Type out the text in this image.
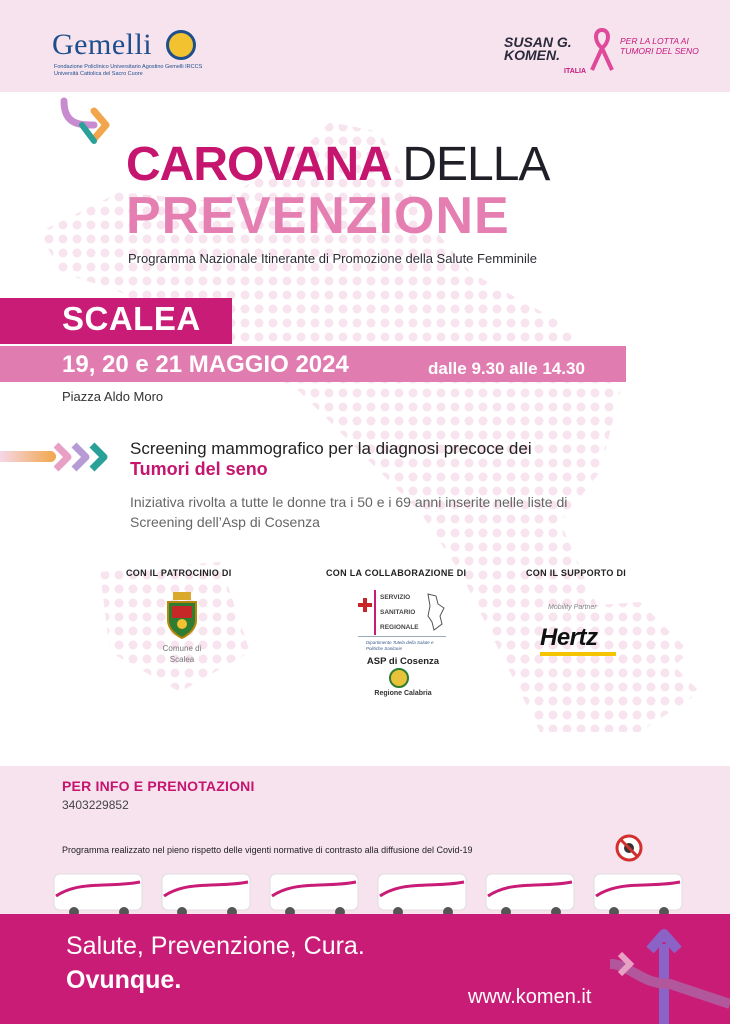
Gemelli
Fondazione Policlinico Universitario Agostino Gemelli IRCCS Università Cattolica del Sacro Cuore
SUSAN G.
KOMEN.
ITALIA
PER LA LOTTA AI TUMORI DEL SENO
CAROVANA DELLA
PREVENZIONE
Programma Nazionale Itinerante di Promozione della Salute Femminile
SCALEA
19, 20 e 21 MAGGIO 2024	dalle 9.30 alle 14.30
Piazza Aldo Moro
Screening mammografico per la diagnosi precoce dei
Tumori del seno
Iniziativa rivolta a tutte le donne tra i 50 e i 69 anni inserite nelle liste di Screening dell’Asp di Cosenza
CON IL PATROCINIO DI
Comune di Scalea
CON LA COLLABORAZIONE DI
SERVIZIO
SANITARIO
REGIONALE
Dipartimento Tutela della Salute e Politiche Sanitarie
ASP di Cosenza
Regione Calabria
CON IL SUPPORTO DI
Mobility Partner
Hertz
PER INFO E PRENOTAZIONI
3403229852
Programma realizzato nel pieno rispetto delle vigenti normative di contrasto alla diffusione del Covid-19
Salute, Prevenzione, Cura.
Ovunque.
www.komen.it
